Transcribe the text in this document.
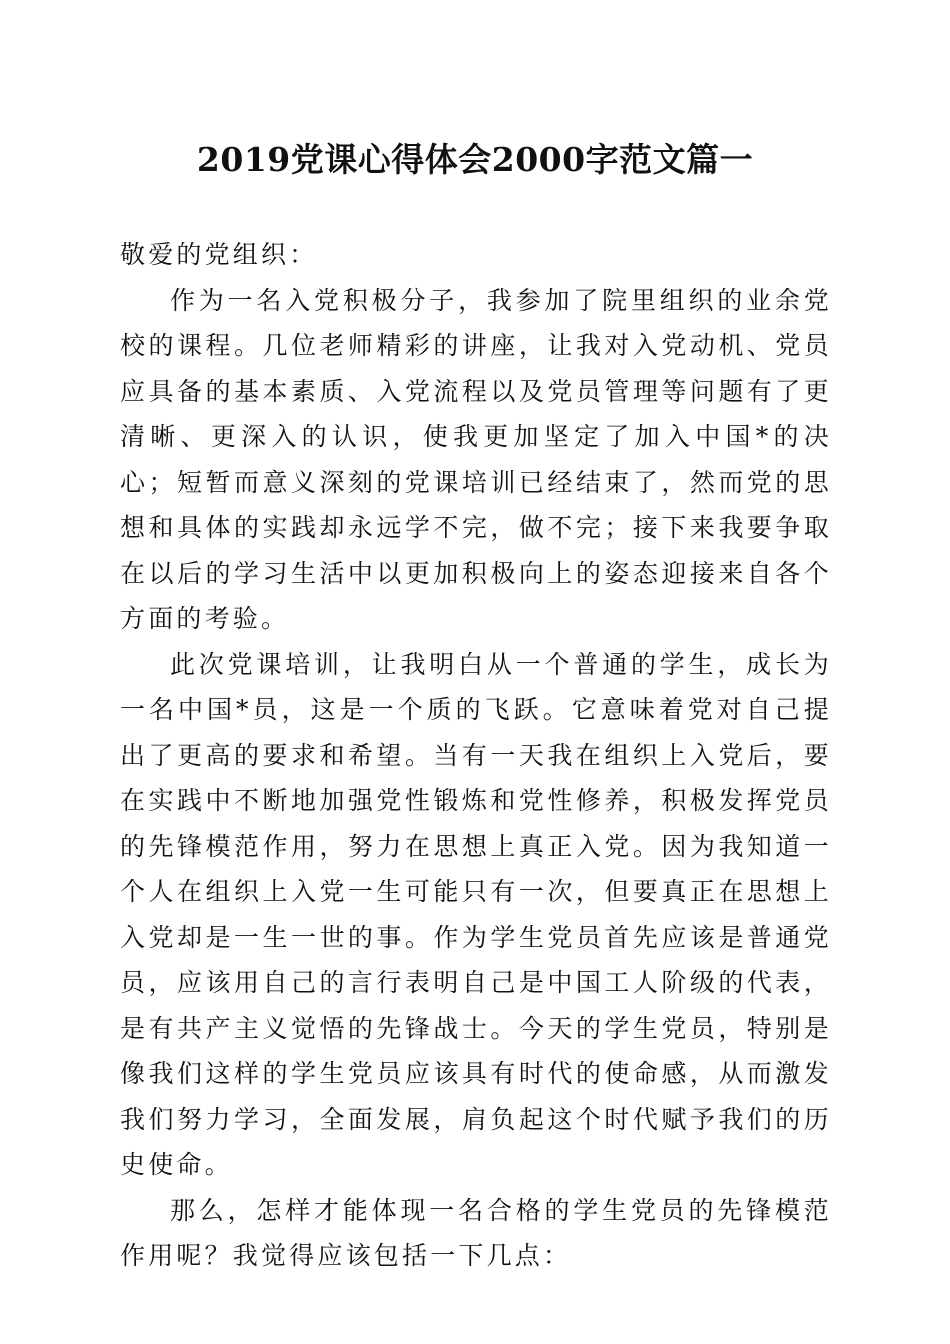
2019党课心得体会2000字范文篇一

敬爱的党组织：

作为一名入党积极分子，我参加了院里组织的业余党校的课程。几位老师精彩的讲座，让我对入党动机、党员应具备的基本素质、入党流程以及党员管理等问题有了更清晰、更深入的认识，使我更加坚定了加入中国*的决心；短暂而意义深刻的党课培训已经结束了，然而党的思想和具体的实践却永远学不完，做不完；接下来我要争取在以后的学习生活中以更加积极向上的姿态迎接来自各个方面的考验。

此次党课培训，让我明白从一个普通的学生，成长为一名中国*员，这是一个质的飞跃。它意味着党对自己提出了更高的要求和希望。当有一天我在组织上入党后，要在实践中不断地加强党性锻炼和党性修养，积极发挥党员的先锋模范作用，努力在思想上真正入党。因为我知道一个人在组织上入党一生可能只有一次，但要真正在思想上入党却是一生一世的事。作为学生党员首先应该是普通党员，应该用自己的言行表明自己是中国工人阶级的代表，是有共产主义觉悟的先锋战士。今天的学生党员，特别是像我们这样的学生党员应该具有时代的使命感，从而激发我们努力学习，全面发展，肩负起这个时代赋予我们的历史使命。

那么，怎样才能体现一名合格的学生党员的先锋模范作用呢？我觉得应该包括一下几点：
